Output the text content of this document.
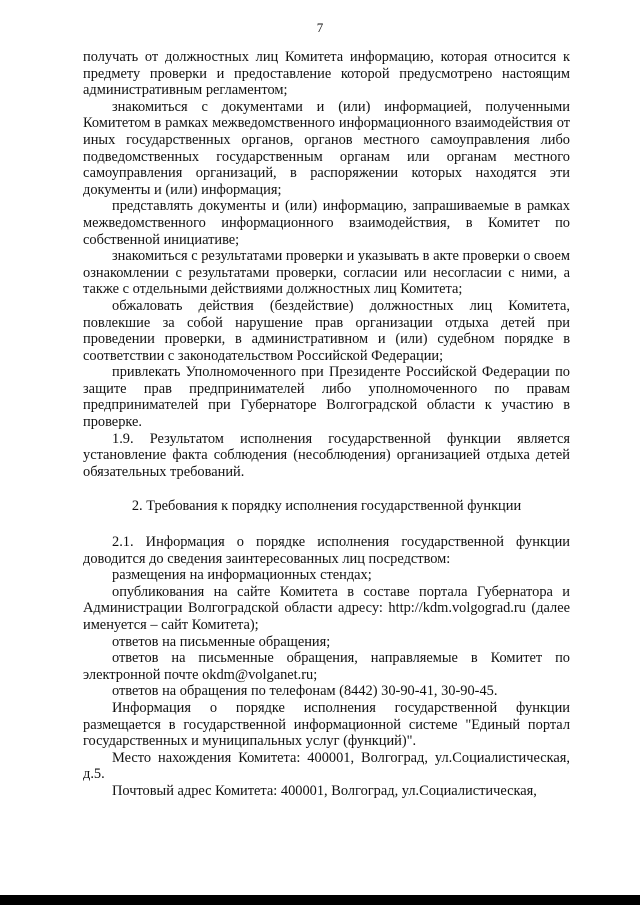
7

получать от должностных лиц Комитета информацию, которая относится к предмету проверки и предоставление которой предусмотрено настоящим административным регламентом;

знакомиться с документами и (или) информацией, полученными Комитетом в рамках межведомственного информационного взаимодействия от иных государственных органов, органов местного самоуправления либо подведомственных государственным органам или органам местного самоуправления организаций, в распоряжении которых находятся эти документы и (или) информация;

представлять документы и (или) информацию, запрашиваемые в рамках межведомственного информационного взаимодействия, в Комитет по собственной инициативе;

знакомиться с результатами проверки и указывать в акте проверки о своем ознакомлении с результатами проверки, согласии или несогласии с ними, а также с отдельными действиями должностных лиц Комитета;

обжаловать действия (бездействие) должностных лиц Комитета, повлекшие за собой нарушение прав организации отдыха детей при проведении проверки, в административном и (или) судебном порядке в соответствии с законодательством Российской Федерации;

привлекать Уполномоченного при Президенте Российской Федерации по защите прав предпринимателей либо уполномоченного по правам предпринимателей при Губернаторе Волгоградской области к участию в проверке.

1.9. Результатом исполнения государственной функции является установление факта соблюдения (несоблюдения) организацией отдыха детей обязательных требований.

2. Требования к порядку исполнения государственной функции

2.1. Информация о порядке исполнения государственной функции доводится до сведения заинтересованных лиц посредством:

размещения на информационных стендах;

опубликования на сайте Комитета в составе портала Губернатора и Администрации Волгоградской области адресу: http://kdm.volgograd.ru (далее именуется – сайт Комитета);

ответов на письменные обращения;

ответов на письменные обращения, направляемые в Комитет по электронной почте okdm@volganet.ru;

ответов на обращения по телефонам (8442) 30-90-41, 30-90-45.

Информация о порядке исполнения государственной функции размещается в государственной информационной системе "Единый портал государственных и муниципальных услуг (функций)".

Место нахождения Комитета: 400001, Волгоград, ул.Социалистическая, д.5.

Почтовый адрес Комитета: 400001, Волгоград, ул.Социалистическая,
